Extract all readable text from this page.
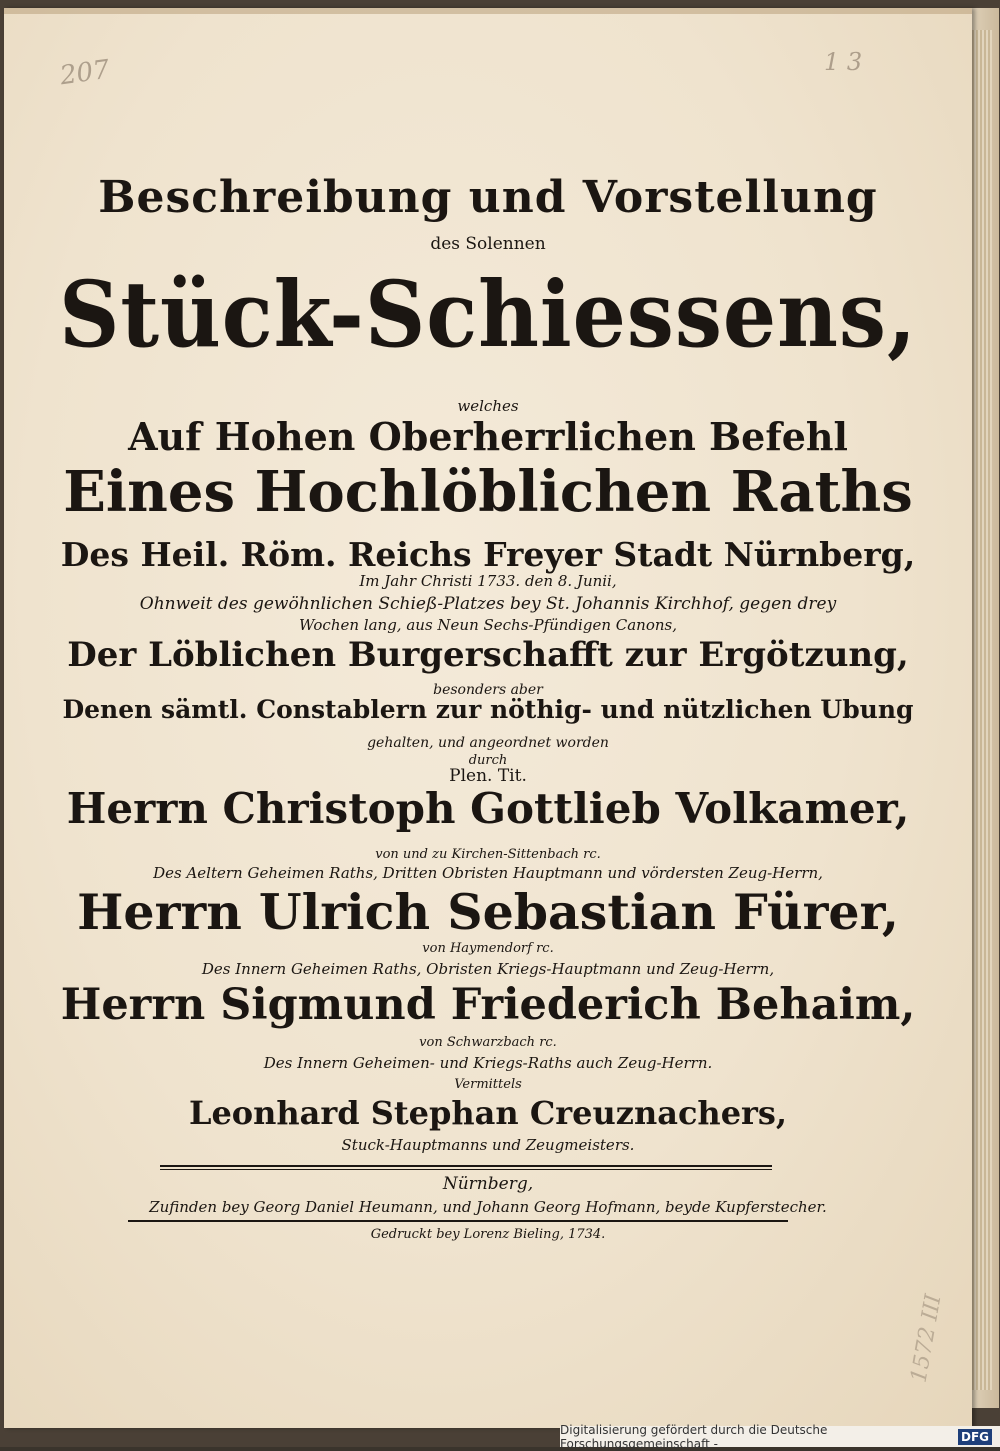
207	1 3
1572 III
Beschreibung und Vorstellung
des Solennen
Stück-Schiessens,
welches
Auf Hohen Oberherrlichen Befehl
Eines Hochlöblichen Raths
Des Heil. Röm. Reichs Freyer Stadt Nürnberg,
Im Jahr Christi 1733. den 8. Junii,
Ohnweit des gewöhnlichen Schieß-Platzes bey St. Johannis Kirchhof, gegen drey
Wochen lang, aus Neun Sechs-Pfündigen Canons,
Der Löblichen Burgerschafft zur Ergötzung,
besonders aber
Denen sämtl. Constablern zur nöthig- und nützlichen Ubung
gehalten, und angeordnet worden
durch
Plen. Tit.
Herrn Christoph Gottlieb Volkamer,
von und zu Kirchen-Sittenbach rc.
Des Aeltern Geheimen Raths, Dritten Obristen Hauptmann und vördersten Zeug-Herrn,
Herrn Ulrich Sebastian Fürer,
von Haymendorf rc.
Des Innern Geheimen Raths, Obristen Kriegs-Hauptmann und Zeug-Herrn,
Herrn Sigmund Friederich Behaim,
von Schwarzbach rc.
Des Innern Geheimen- und Kriegs-Raths auch Zeug-Herrn.
Vermittels
Leonhard Stephan Creuznachers,
Stuck-Hauptmanns und Zeugmeisters.
Nürnberg,
Zufinden bey Georg Daniel Heumann, und Johann Georg Hofmann, beyde Kupferstecher.
Gedruckt bey Lorenz Bieling, 1734.
Digitalisierung gefördert durch die Deutsche Forschungsgemeinschaft -	DFG
